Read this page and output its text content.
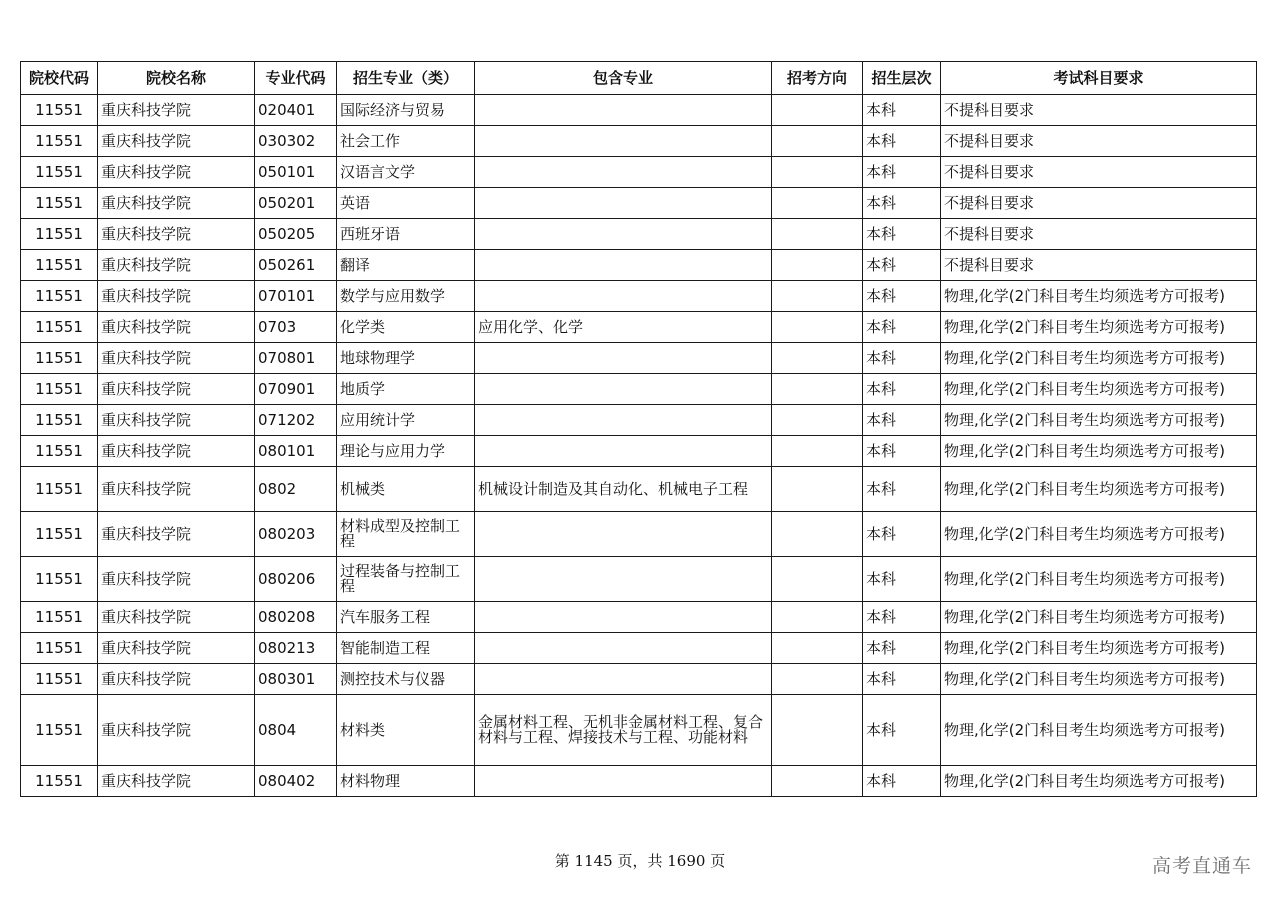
院校代码	院校名称	专业代码	招生专业（类）	包含专业	招考方向	招生层次	考试科目要求
11551	重庆科技学院	020401	国际经济与贸易			本科	不提科目要求
11551	重庆科技学院	030302	社会工作			本科	不提科目要求
11551	重庆科技学院	050101	汉语言文学			本科	不提科目要求
11551	重庆科技学院	050201	英语			本科	不提科目要求
11551	重庆科技学院	050205	西班牙语			本科	不提科目要求
11551	重庆科技学院	050261	翻译			本科	不提科目要求
11551	重庆科技学院	070101	数学与应用数学			本科	物理,化学(2门科目考生均须选考方可报考)
11551	重庆科技学院	0703	化学类	应用化学、化学		本科	物理,化学(2门科目考生均须选考方可报考)
11551	重庆科技学院	070801	地球物理学			本科	物理,化学(2门科目考生均须选考方可报考)
11551	重庆科技学院	070901	地质学			本科	物理,化学(2门科目考生均须选考方可报考)
11551	重庆科技学院	071202	应用统计学			本科	物理,化学(2门科目考生均须选考方可报考)
11551	重庆科技学院	080101	理论与应用力学			本科	物理,化学(2门科目考生均须选考方可报考)
11551	重庆科技学院	0802	机械类	机械设计制造及其自动化、机械电子工程		本科	物理,化学(2门科目考生均须选考方可报考)
11551	重庆科技学院	080203	材料成型及控制工程			本科	物理,化学(2门科目考生均须选考方可报考)
11551	重庆科技学院	080206	过程装备与控制工程			本科	物理,化学(2门科目考生均须选考方可报考)
11551	重庆科技学院	080208	汽车服务工程			本科	物理,化学(2门科目考生均须选考方可报考)
11551	重庆科技学院	080213	智能制造工程			本科	物理,化学(2门科目考生均须选考方可报考)
11551	重庆科技学院	080301	测控技术与仪器			本科	物理,化学(2门科目考生均须选考方可报考)
11551	重庆科技学院	0804	材料类	金属材料工程、无机非金属材料工程、复合材料与工程、焊接技术与工程、功能材料		本科	物理,化学(2门科目考生均须选考方可报考)
11551	重庆科技学院	080402	材料物理			本科	物理,化学(2门科目考生均须选考方可报考)
第 1145 页，共 1690 页	高考直通车
